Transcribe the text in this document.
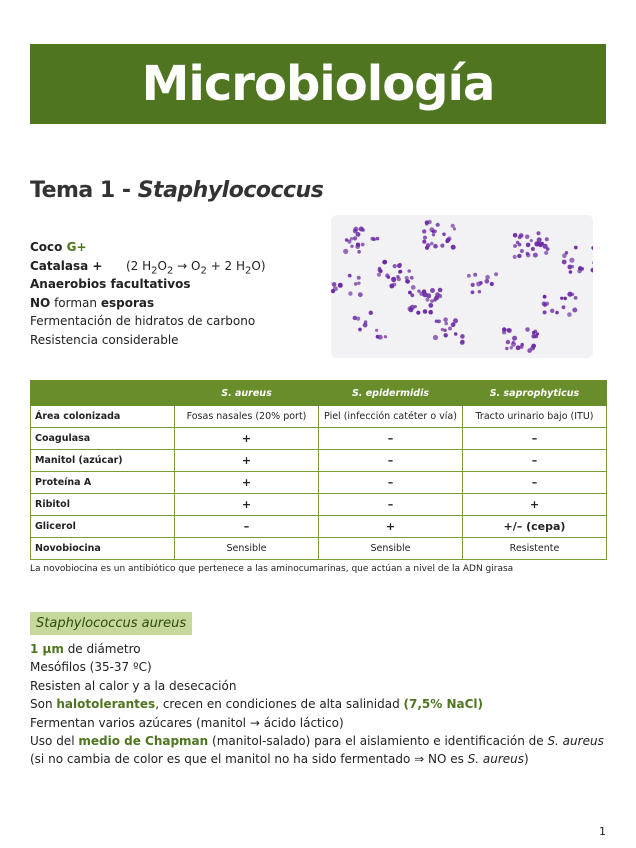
Microbiología
Tema 1 - Staphylococcus
Coco G+
Catalasa + (2 $H_2O_2 \to O_2 + 2$ $H_2O$)
Anaerobios facultativos
NO forman esporas
Fermentación de hidratos de carbono
Resistencia considerable
	S. aureus	S. epidermidis	S. saprophyticus
Área colonizada	Fosas nasales (20% port)	Piel (infección catéter o vía)	Tracto urinario bajo (ITU)
Coagulasa	+	–	–
Manitol (azúcar)	+	–	–
Proteína A	+	–	–
Ribitol	+	–	+
Glicerol	–	+	+/– (cepa)
Novobiocina	Sensible	Sensible	Resistente
La novobiocina es un antibiótico que pertenece a las aminocumarinas, que actúan a nivel de la ADN girasa
Staphylococcus aureus
1 µm de diámetro
Mesófilos (35-37 ºC)
Resisten al calor y a la desecación
Son halotolerantes, crecen en condiciones de alta salinidad (7,5% NaCl)
Fermentan varios azúcares (manitol → ácido láctico)
Uso del medio de Chapman (manitol-salado) para el aislamiento e identificación de S. aureus
(si no cambia de color es que el manitol no ha sido fermentado ⇒ NO es S. aureus)
1
